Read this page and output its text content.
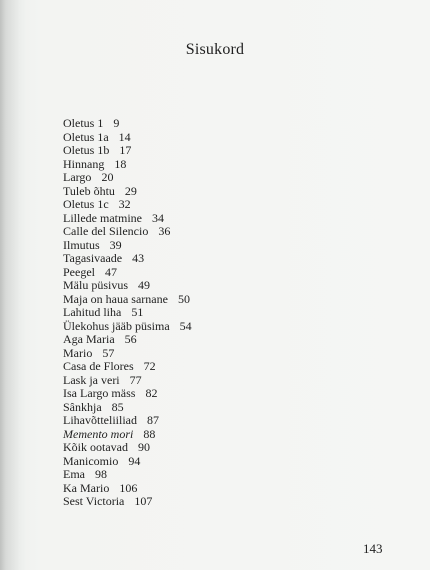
Sisukord
Oletus 1 9
Oletus 1a 14
Oletus 1b 17
Hinnang 18
Largo 20
Tuleb õhtu 29
Oletus 1c 32
Lillede matmine 34
Calle del Silencio 36
Ilmutus 39
Tagasivaade 43
Peegel 47
Mälu püsivus 49
Maja on haua sarnane 50
Lahitud liha 51
Ülekohus jääb püsima 54
Aga Maria 56
Mario 57
Casa de Flores 72
Lask ja veri 77
Isa Largo mäss 82
Sânkhja 85
Lihavõtteliiliad 87
Memento mori 88
Kõik ootavad 90
Manicomio 94
Ema 98
Ka Mario 106
Sest Victoria 107
143
